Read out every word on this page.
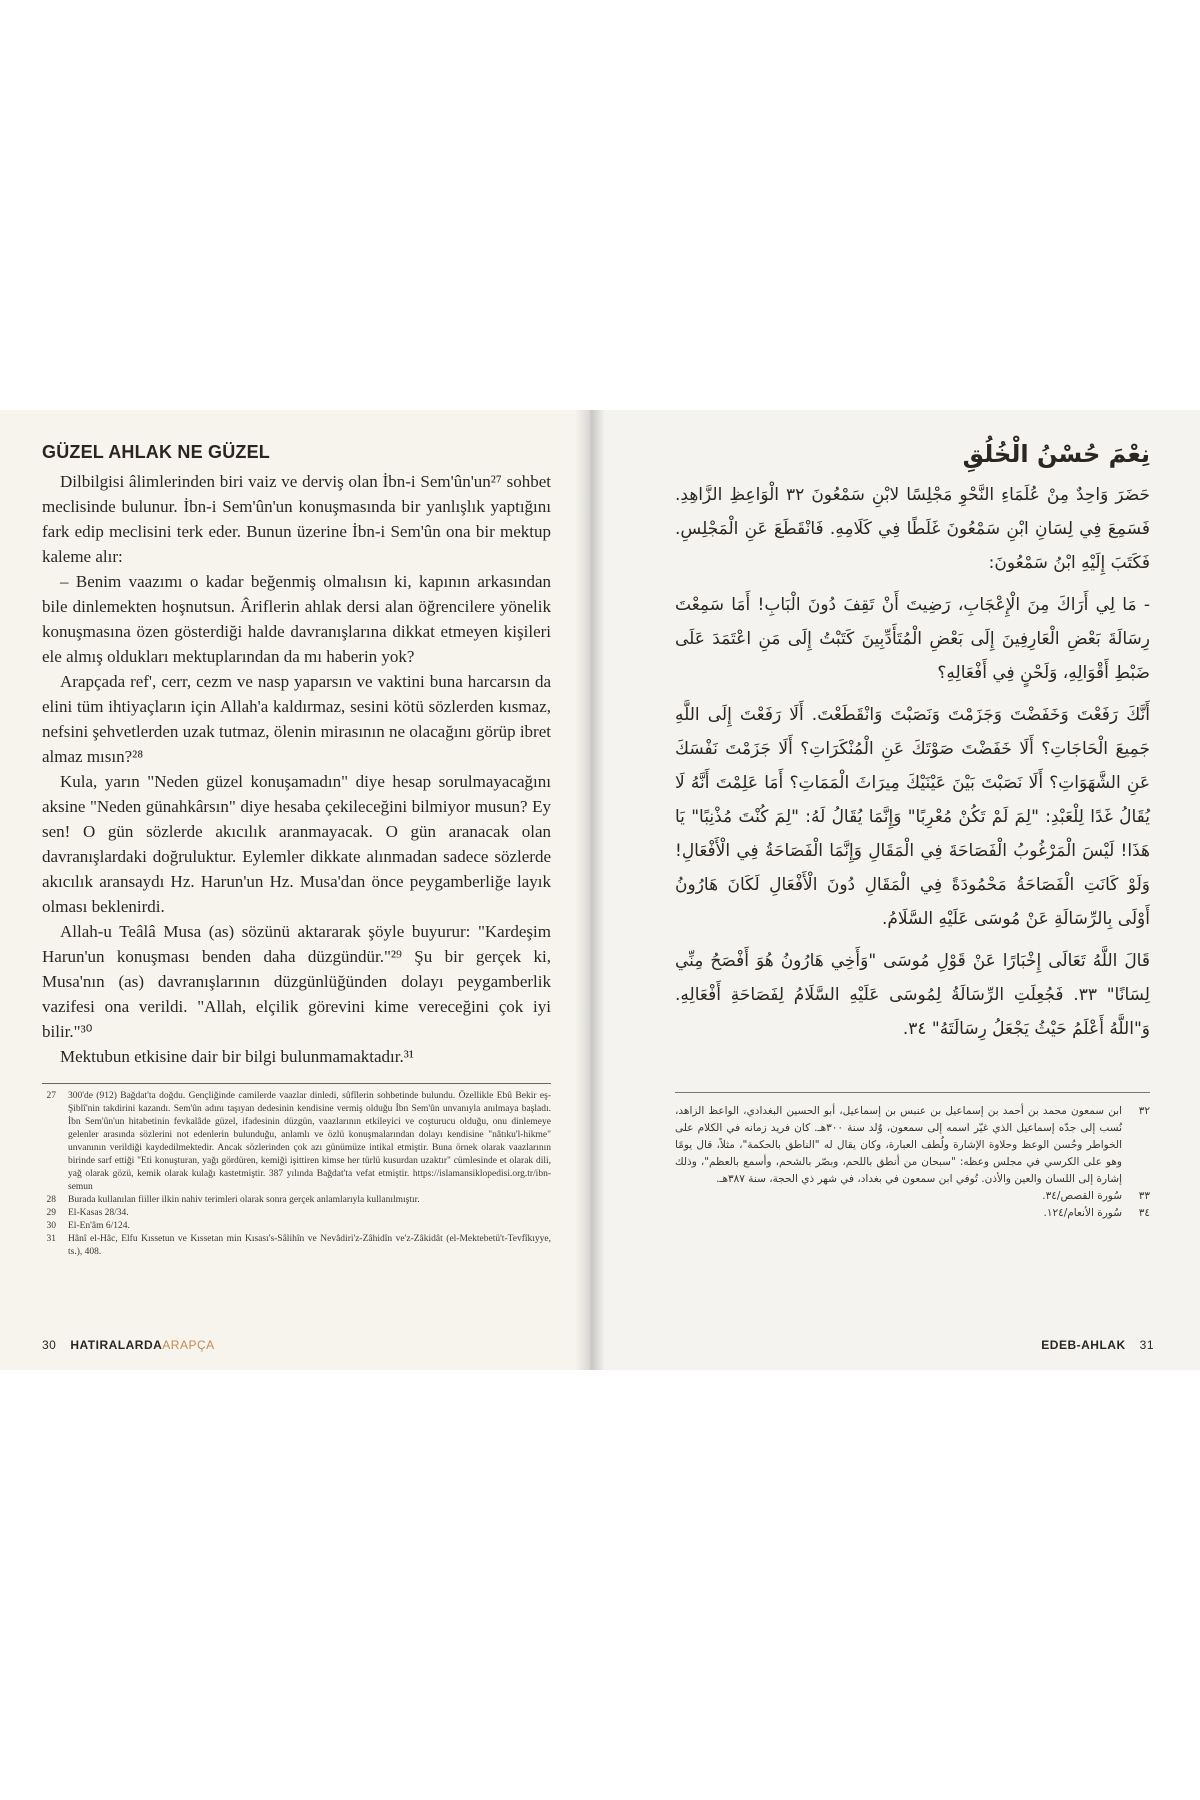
GÜZEL AHLAK NE GÜZEL

Dilbilgisi âlimlerinden biri vaiz ve derviş olan İbn-i Sem'ûn'un²⁷ sohbet meclisinde bulunur. İbn-i Sem'ûn'un konuşmasında bir yanlışlık yaptığını fark edip meclisini terk eder. Bunun üzerine İbn-i Sem'ûn ona bir mektup kaleme alır:

– Benim vaazımı o kadar beğenmiş olmalısın ki, kapının arkasından bile dinlemekten hoşnutsun. Âriflerin ahlak dersi alan öğrencilere yönelik konuşmasına özen gösterdiği halde davranışlarına dikkat etmeyen kişileri ele almış oldukları mektuplarından da mı haberin yok?

Arapçada ref', cerr, cezm ve nasp yaparsın ve vaktini buna harcarsın da elini tüm ihtiyaçların için Allah'a kaldırmaz, sesini kötü sözlerden kısmaz, nefsini şehvetlerden uzak tutmaz, ölenin mirasının ne olacağını görüp ibret almaz mısın?²⁸

Kula, yarın "Neden güzel konuşamadın" diye hesap sorulmayacağını aksine "Neden günahkârsın" diye hesaba çekileceğini bilmiyor musun? Ey sen! O gün sözlerde akıcılık aranmayacak. O gün aranacak olan davranışlardaki doğruluktur. Eylemler dikkate alınmadan sadece sözlerde akıcılık aransaydı Hz. Harun'un Hz. Musa'dan önce peygamberliğe layık olması beklenirdi.

Allah-u Teâlâ Musa (as) sözünü aktararak şöyle buyurur: "Kardeşim Harun'un konuşması benden daha düzgündür."²⁹ Şu bir gerçek ki, Musa'nın (as) davranışlarının düzgünlüğünden dolayı peygamberlik vazifesi ona verildi. "Allah, elçilik görevini kime vereceğini çok iyi bilir."³⁰

Mektubun etkisine dair bir bilgi bulunmamaktadır.³¹

27 300'de (912) Bağdat'ta doğdu. Gençliğinde camilerde vaazlar dinledi, sûfîlerin sohbetinde bulundu. Özellikle Ebû Bekir eş-Şiblî'nin takdirini kazandı. Sem'ûn adını taşıyan dedesinin kendisine vermiş olduğu İbn Sem'ûn unvanıyla anılmaya başladı. İbn Sem'ûn'un hitabetinin fevkalâde güzel, ifadesinin düzgün, vaazlarının etkileyici ve coşturucu olduğu, onu dinlemeye gelenler arasında sözlerini not edenlerin bulunduğu, anlamlı ve özlü konuşmalarından dolayı kendisine "nâtıku'l-hikme" unvanının verildiği kaydedilmektedir. Ancak sözlerinden çok azı günümüze intikal etmiştir. Buna örnek olarak vaazlarının birinde sarf ettiği "Eti konuşturan, yağı gördüren, kemiği işittiren kimse her türlü kusurdan uzaktır" cümlesinde et olarak dili, yağ olarak gözü, kemik olarak kulağı kastetmiştir. 387 yılında Bağdat'ta vefat etmiştir. https://islamansiklopedisi.org.tr/ibn-semun
28 Burada kullanılan fiiller ilkin nahiv terimleri olarak sonra gerçek anlamlarıyla kullanılmıştır.
29 El-Kasas 28/34.
30 El-En'âm 6/124.
31 Hânî el-Hâc, Elfu Kıssetun ve Kıssetan min Kısası's-Sâlihîn ve Nevâdiri'z-Zâhidîn ve'z-Zâkidât (el-Mektebetü't-Tevfîkıyye, ts.), 408.
30 HATIRALARDAARAPÇA
نِعْمَ حُسْنُ الْخُلُقِ

حَضَرَ وَاحِدٌ مِنْ عُلَمَاءِ النَّحْوِ مَجْلِسًا لابْنِ سَمْعُونَ ٣٢ الْوَاعِظِ الزَّاهِدِ. فَسَمِعَ فِي لِسَانِ ابْنِ سَمْعُونَ غَلَطًا فِي كَلَامِهِ. فَانْقَطَعَ عَنِ الْمَجْلِسِ. فَكَتَبَ إِلَيْهِ ابْنُ سَمْعُونَ:

- مَا لِي أَرَاكَ مِنَ الْإِعْجَابِ، رَضِيتَ أَنْ تَقِفَ دُونَ الْبَابِ! أَمَا سَمِعْتَ رِسَالَةَ بَعْضِ الْعَارِفِينَ إِلَى بَعْضِ الْمُتَأَدِّبِينَ كَتَبْتُ إِلَى مَنِ اعْتَمَدَ عَلَى ضَبْطِ أَقْوَالِهِ، وَلَحْنٍ فِي أَفْعَالِهِ؟

أَنَّكَ رَفَعْتَ وَخَفَضْتَ وَجَزَمْتَ وَنَصَبْتَ وَانْقَطَعْتَ. أَلَا رَفَعْتَ إِلَى اللَّهِ جَمِيعَ الْحَاجَاتِ؟ أَلَا خَفَضْتَ صَوْتَكَ عَنِ الْمُنْكَرَاتِ؟ أَلَا جَزَمْتَ نَفْسَكَ عَنِ الشَّهَوَاتِ؟ أَلَا نَصَبْتَ بَيْنَ عَيْنَيْكَ مِيرَاثَ الْمَمَاتِ؟ أَمَا عَلِمْتَ أَنَّهُ لَا يُقَالُ غَدًا لِلْعَبْدِ: "لِمَ لَمْ تَكُنْ مُعْرِبًا" وَإِنَّمَا يُقَالُ لَهُ: "لِمَ كُنْتَ مُذْنِبًا" يَا هَذَا! لَيْسَ الْمَرْغُوبُ الْفَصَاحَةَ فِي الْمَقَالِ وَإِنَّمَا الْفَصَاحَةُ فِي الْأَفْعَالِ! وَلَوْ كَانَتِ الْفَصَاحَةُ مَحْمُودَةً فِي الْمَقَالِ دُونَ الْأَفْعَالِ لَكَانَ هَارُونُ أَوْلَى بِالرِّسَالَةِ عَنْ مُوسَى عَلَيْهِ السَّلَامُ.

قَالَ اللَّهُ تَعَالَى إِخْبَارًا عَنْ قَوْلِ مُوسَى "وَأَخِي هَارُونُ هُوَ أَفْصَحُ مِنِّي لِسَانًا" ٣٣. فَجُعِلَتِ الرِّسَالَةُ لِمُوسَى عَلَيْهِ السَّلَامُ لِفَصَاحَةِ أَفْعَالِهِ. وَ"اللَّهُ أَعْلَمُ حَيْثُ يَجْعَلُ رِسَالَتَهُ" ٣٤.

٣٢
ابن سمعون محمد بن أحمد بن إسماعيل بن عنبس بن إسماعيل، أبو الحسين البغدادي، الواعظ الزاهد، نُسب إلى جدّه إسماعيل الذي غيّر اسمه إلى سمعون، وُلد سنة ٣٠٠هـ. كان فريد زمانه في الكلام على الخواطر وحُسن الوعظ وحلاوة الإشارة ولُطف العبارة، وكان يقال له "الناطق بالحكمة"، مثلاً، قال يومًا وهو على الكرسي في مجلس وعظه: "سبحان من أنطق باللحم، وبصّر بالشحم، وأسمع بالعظم"، وذلك إشارة إلى اللسان والعين والأذن. تُوفي ابن سمعون في بغداد، في شهر ذي الحجة، سنة ٣٨٧هـ.
٣٣
سُورة القصص/٣٤.
٣٤
سُورة الأنعام/١٢٤.
EDEB-AHLAK 31
